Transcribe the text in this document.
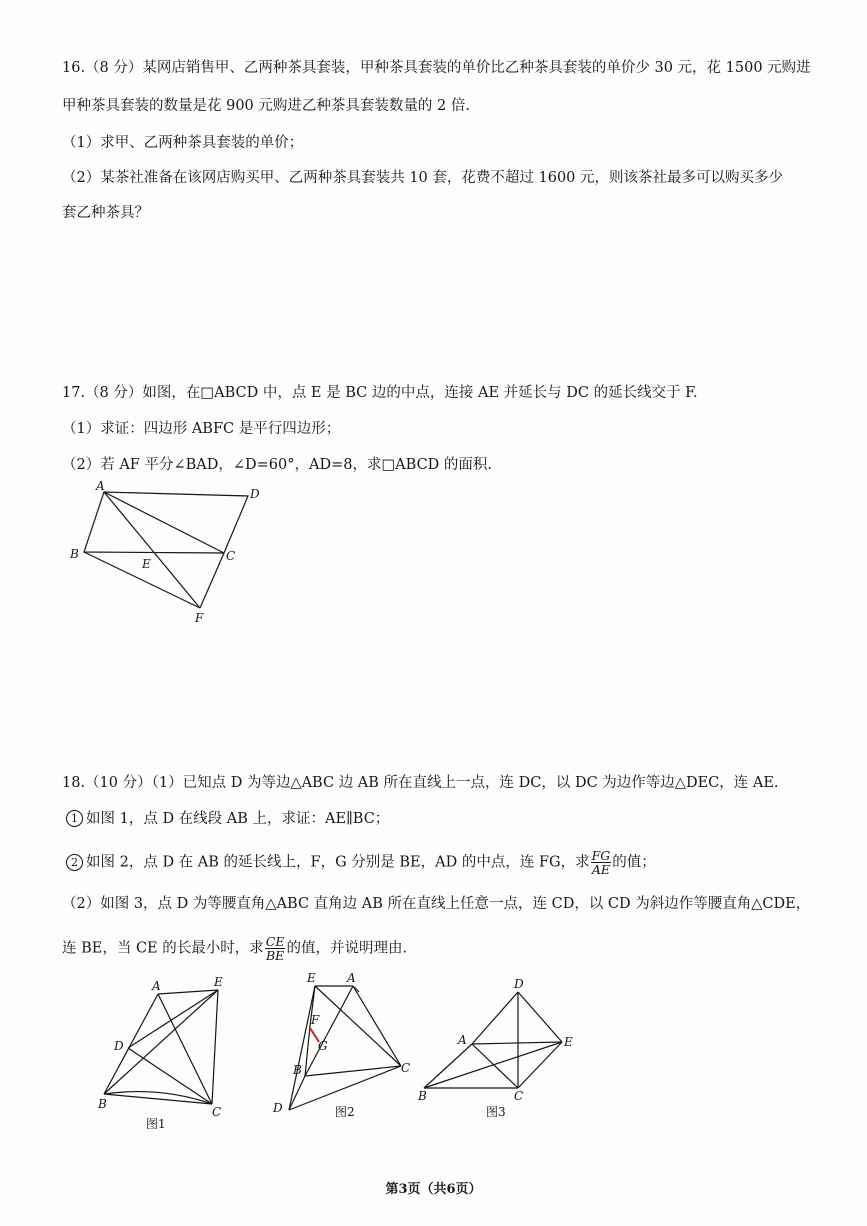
16.（8 分）某网店销售甲、乙两种茶具套装，甲种茶具套装的单价比乙种茶具套装的单价少 30 元，花 1500 元购进
甲种茶具套装的数量是花 900 元购进乙种茶具套装数量的 2 倍.
（1）求甲、乙两种茶具套装的单价；
（2）某茶社准备在该网店购买甲、乙两种茶具套装共 10 套，花费不超过 1600 元，则该茶社最多可以购买多少
套乙种茶具？
17.（8 分）如图，在□ABCD 中，点 E 是 BC 边的中点，连接 AE 并延长与 DC 的延长线交于 F.
（1）求证：四边形 ABFC 是平行四边形；
（2）若 AF 平分∠BAD，∠D=60°，AD=8，求□ABCD 的面积.
A
D
B
E
C
F
18.（10 分）（1）已知点 D 为等边△ABC 边 AB 所在直线上一点，连 DC，以 DC 为边作等边△DEC，连 AE.
1 如图 1，点 D 在线段 AB 上，求证：AE∥BC；
2 如图 2，点 D 在 AB 的延长线上，F，G 分别是 BE，AD 的中点，连 FG，求 $\frac{FG}{AE}$ 的值；
（2）如图 3，点 D 为等腰直角△ABC 直角边 AB 所在直线上任意一点，连 CD，以 CD 为斜边作等腰直角△CDE，
连 BE，当 CE 的长最小时，求 $\frac{CE}{BE}$ 的值，并说明理由.
A	E
D
B
C
图1
E	A
F
G
B	C
D	图2
D
A	E
B	C
图3
第3页（共6页）
